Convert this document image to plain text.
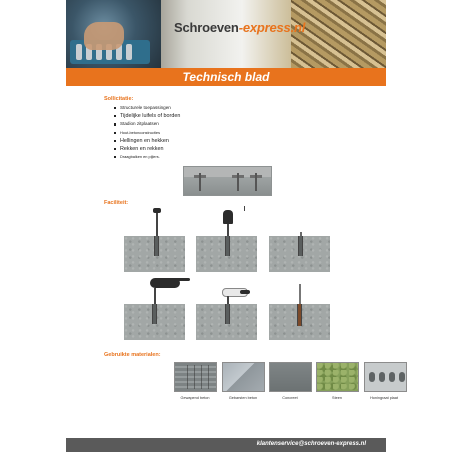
Schroeven-express.nl
Technisch blad
Sollicitatie:
Structurele toepassingen
Tijdelijke luifels of borden
Stadion zitplaatsen
Hout-betonconstructies
Hellingen en hekken
Rekken en rekken
Draagbalken en pijlers.
Faciliteit:
Gebruikte materialen:
Gewapend beton	Gebarsten beton	Concreet	Steen	Honingraat plaat
klantenservice@schroeven-express.nl
